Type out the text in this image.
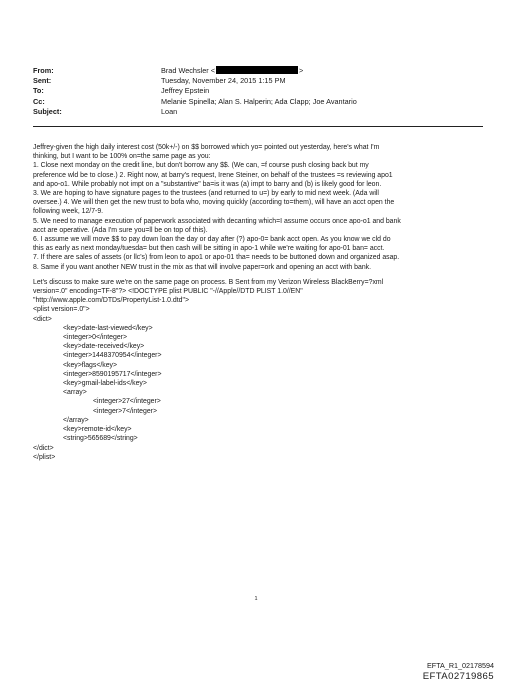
From:	Brad Wechsler <	>
Sent:	Tuesday, November 24, 2015 1:15 PM
To:	Jeffrey Epstein
Cc:	Melanie Spinella; Alan S. Halperin; Ada Clapp; Joe Avantario
Subject:	Loan

Jeffrey-given the high daily interest cost (50k+/-) on $$ borrowed which yo= pointed out yesterday, here's what I'm

thinking, but I want to be 100% on=the same page as you:

1. Close next monday on the credit line, but don't borrow any $$. (We can, =f course push closing back but my

preference wld be to close.) 2. Right now, at barry's request, Irene Steiner, on behalf of the trustees =s reviewing apo1

and apo-o1. While probably not impt on a "substantive" ba=is it was (a) impt to barry and (b) is likely good for leon.

3. We are hoping to have signature pages to the trustees (and returned to u=) by early to mid next week. (Ada will

oversee.) 4. We will then get the new trust to bofa who, moving quickly (according to=them), will have an acct open the

following week, 12/7-9.

5. We need to manage execution of paperwork associated with decanting which=I assume occurs once apo-o1 and bank

acct are operative. (Ada I'm sure you=ll be on top of this).

6. I assume we will move $$ to pay down loan the day or day after (?) apo-0= bank acct open. As you know we cld do

this as early as next monday/tuesda= but then cash will be sitting in apo-1 while we're waiting for apo-01 ban= acct.

7. If there are sales of assets (or llc's) from leon to apo1 or apo-01 tha= needs to be buttoned down and organized asap.

8. Same if you want another NEW trust in the mix as that will involve paper=ork and opening an acct with bank.

Let's discuss to make sure we're on the same page on process. B Sent from my Verizon Wireless BlackBerry=?xml

version=.0" encoding=TF-8"?> <!DOCTYPE plist PUBLIC "-//Apple//DTD PLIST 1.0//EN"

"http://www.apple.com/DTDs/PropertyList-1.0.dtd">

<plist version=.0">

<dict>

<key>date-last-viewed</key>

<integer>0</integer>

<key>date-received</key>

<integer>1448370954</integer>

<key>flags</key>

<integer>8590195717</integer>

<key>gmail-label-ids</key>

<array>

<integer>27</integer>

<integer>7</integer>

</array>

<key>remote-id</key>

<string>565689</string>

</dict>

</plist>

1
EFTA_R1_02178594
EFTA02719865
